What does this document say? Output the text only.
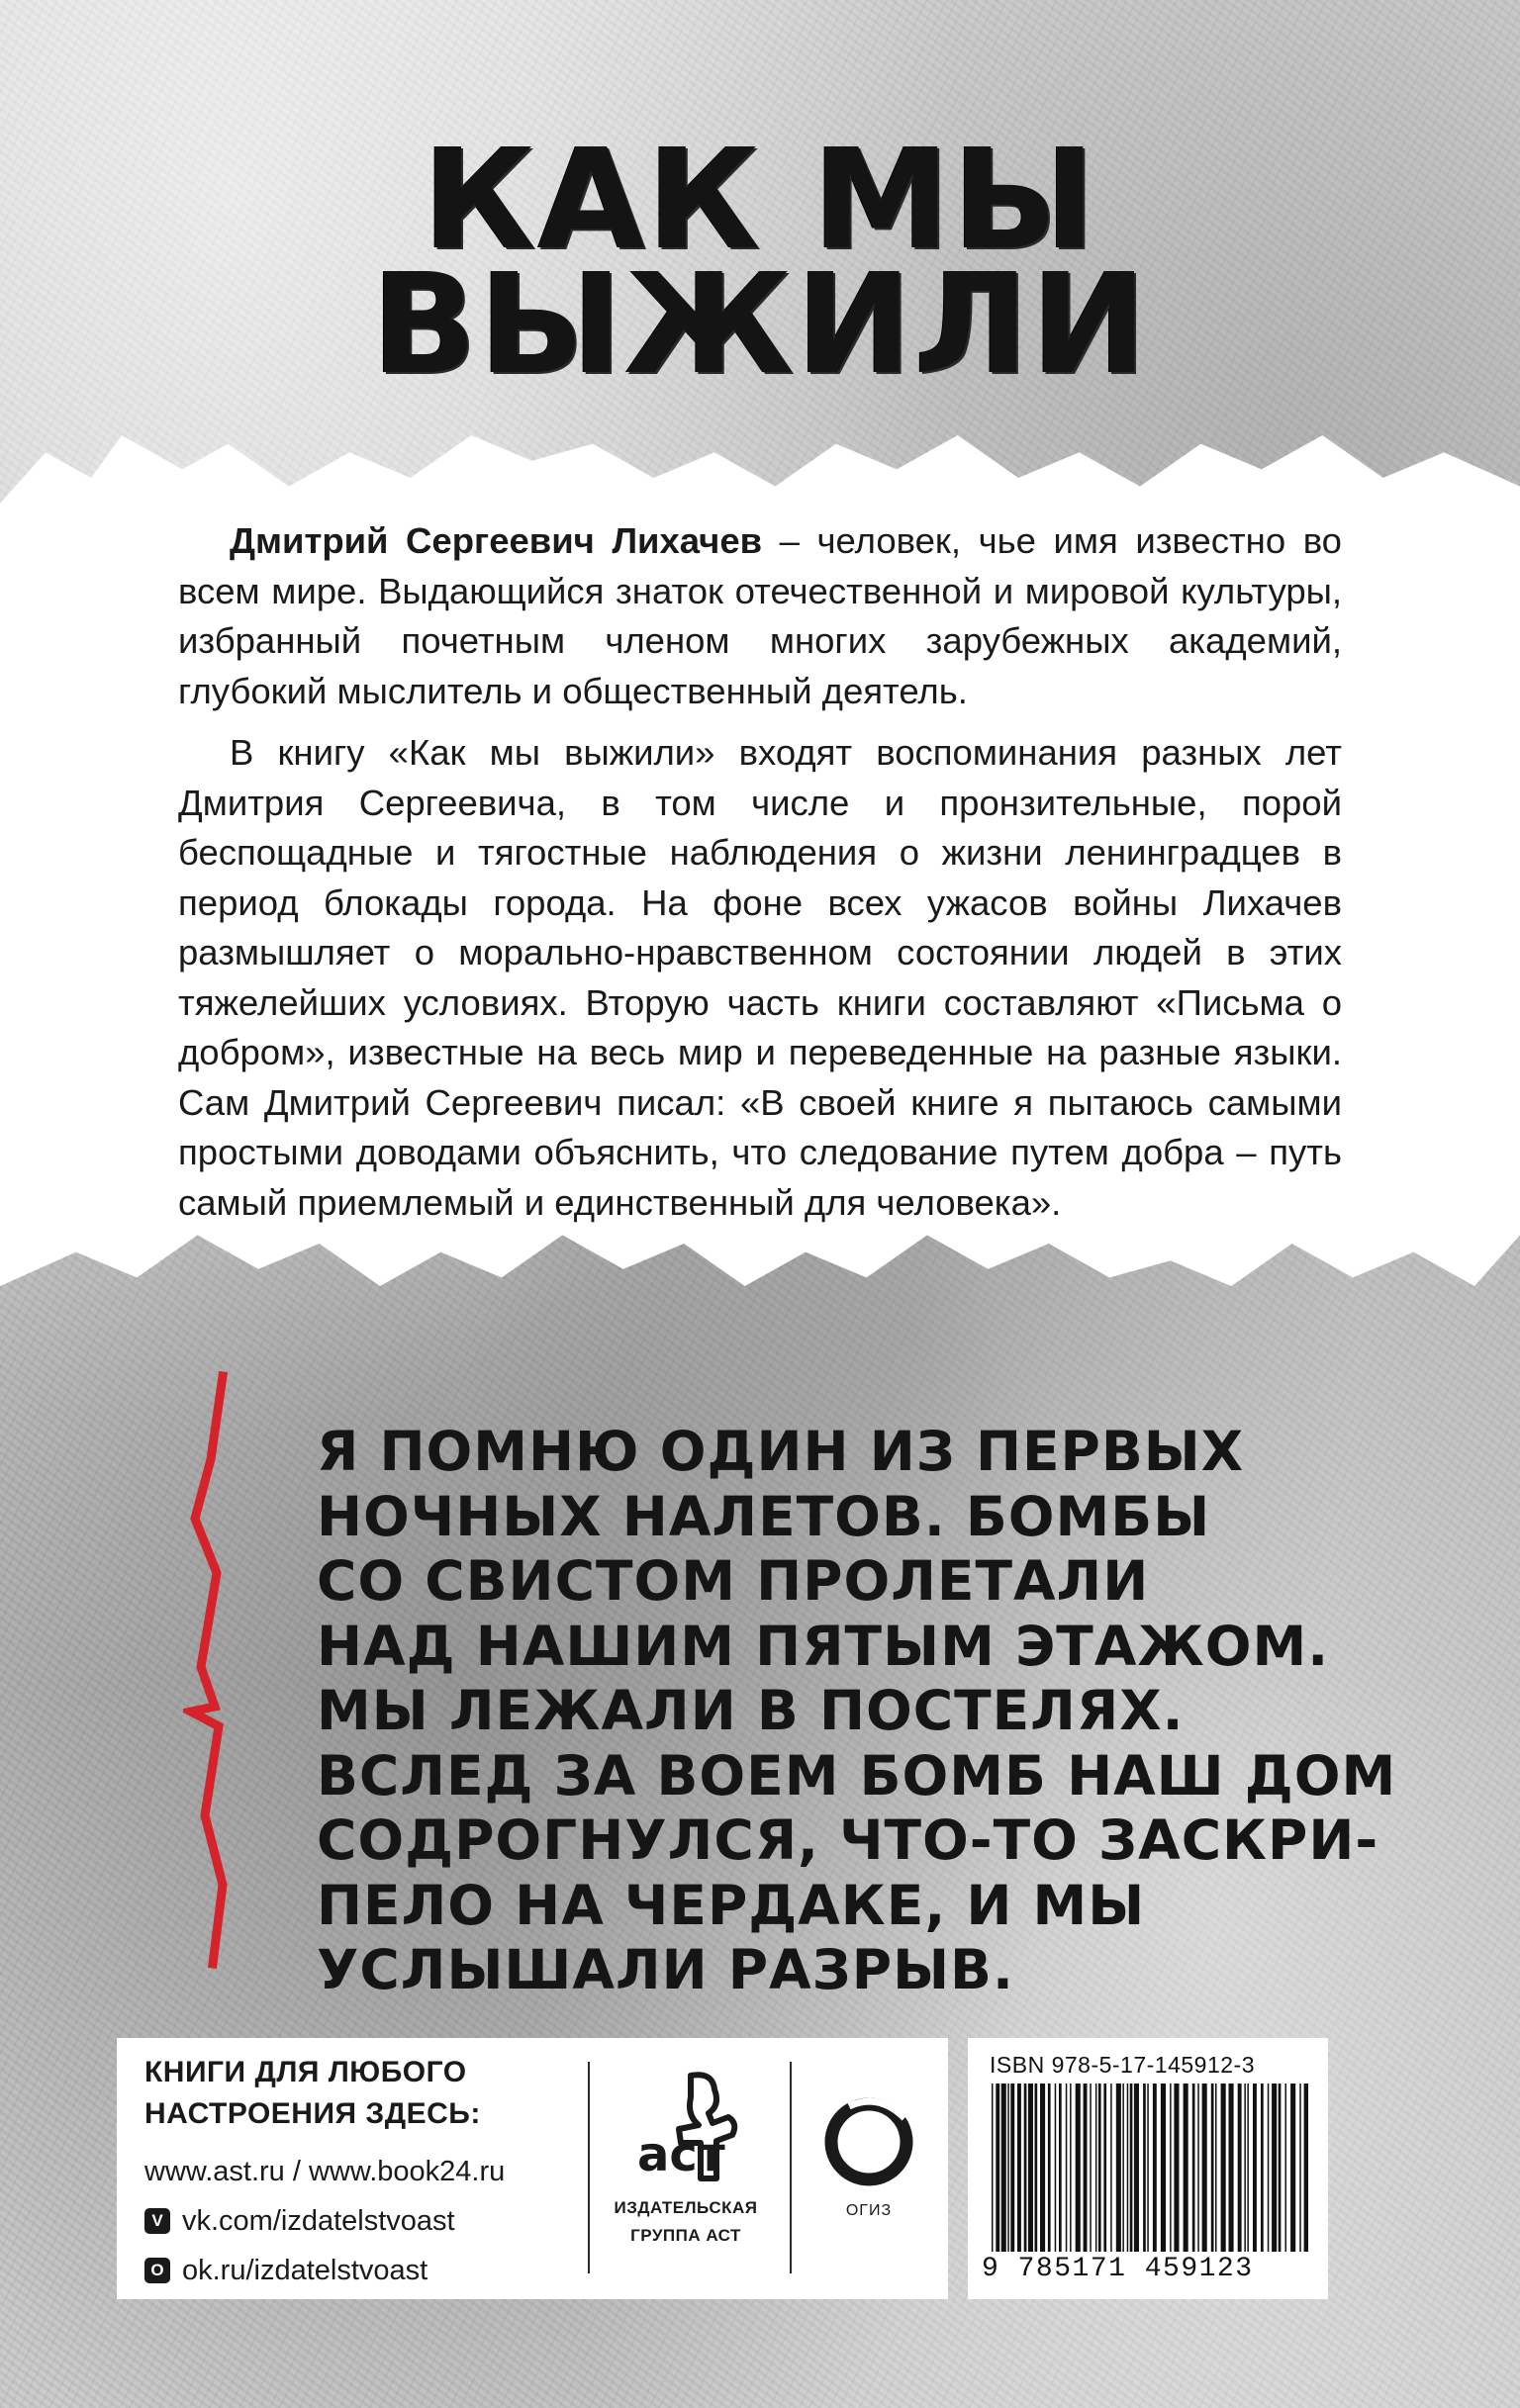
КАК МЫ
ВЫЖИЛИ

Дмитрий Сергеевич Лихачев – человек, чье имя известно во всем мире. Выдающийся знаток отечественной и мировой культуры, избранный почетным членом многих зарубежных академий, глубокий мыслитель и общественный деятель.

В книгу «Как мы выжили» входят воспоминания разных лет Дмитрия Сергеевича, в том числе и пронзительные, порой беспощадные и тягостные наблюдения о жизни ленинградцев в период блокады города. На фоне всех ужасов войны Лихачев размышляет о морально-нравственном состоянии людей в этих тяжелейших условиях. Вторую часть книги составляют «Письма о добром», известные на весь мир и переведенные на разные языки. Сам Дмитрий Сергеевич писал: «В своей книге я пытаюсь самыми простыми доводами объяснить, что следование путем добра – путь самый приемлемый и единственный для человека».

Я ПОМНЮ ОДИН ИЗ ПЕРВЫХ
НОЧНЫХ НАЛЕТОВ. БОМБЫ
СО СВИСТОМ ПРОЛЕТАЛИ
НАД НАШИМ ПЯТЫМ ЭТАЖОМ.
МЫ ЛЕЖАЛИ В ПОСТЕЛЯХ.
ВСЛЕД ЗА ВОЕМ БОМБ НАШ ДОМ
СОДРОГНУЛСЯ, ЧТО-ТО ЗАСКРИ-
ПЕЛО НА ЧЕРДАКЕ, И МЫ
УСЛЫШАЛИ РАЗРЫВ.
КНИГИ ДЛЯ ЛЮБОГО
НАСТРОЕНИЯ ЗДЕСЬ:
www.ast.ru / www.book24.ru
V vk.com/izdatelstvoast
О ok.ru/izdatelstvoast
аст
ИЗДАТЕЛЬСКАЯ
ГРУППА АСТ
ОГИЗ
ISBN 978-5-17-145912-3
9 785171 459123
